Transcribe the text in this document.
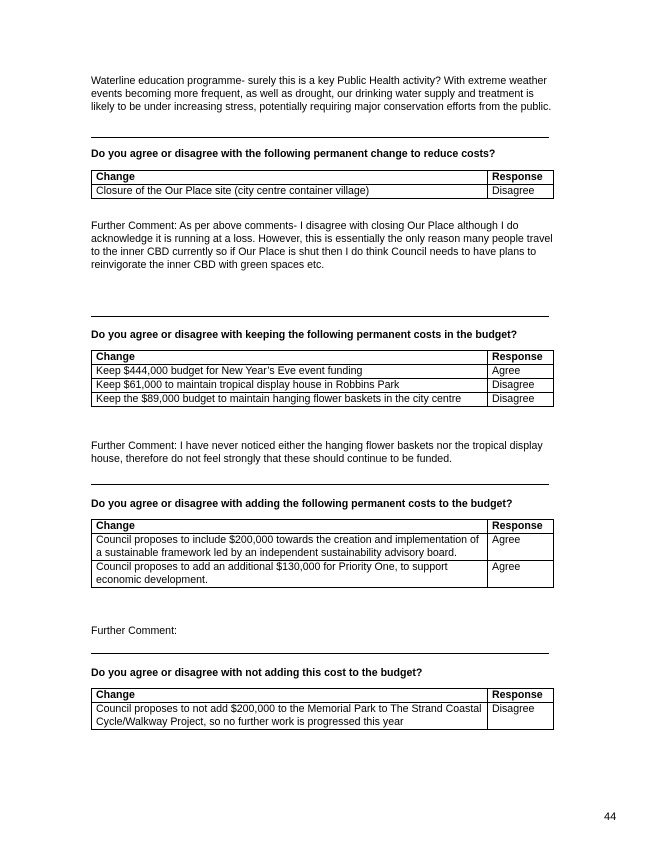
Waterline education programme- surely this is a key Public Health activity? With extreme weather events becoming more frequent, as well as drought, our drinking water supply and treatment is likely to be under increasing stress, potentially requiring major conservation efforts from the public.

Do you agree or disagree with the following permanent change to reduce costs?
Change	Response
Closure of the Our Place site (city centre container village)	Disagree

Further Comment: As per above comments- I disagree with closing Our Place although I do acknowledge it is running at a loss. However, this is essentially the only reason many people travel to the inner CBD currently so if Our Place is shut then I do think Council needs to have plans to reinvigorate the inner CBD with green spaces etc.

Do you agree or disagree with keeping the following permanent costs in the budget?
Change	Response
Keep $444,000 budget for New Year’s Eve event funding	Agree
Keep $61,000 to maintain tropical display house in Robbins Park	Disagree
Keep the $89,000 budget to maintain hanging flower baskets in the city centre	Disagree

Further Comment: I have never noticed either the hanging flower baskets nor the tropical display house, therefore do not feel strongly that these should continue to be funded.

Do you agree or disagree with adding the following permanent costs to the budget?
Change	Response
Council proposes to include $200,000 towards the creation and implementation of a sustainable framework led by an independent sustainability advisory board.	Agree
Council proposes to add an additional $130,000 for Priority One, to support economic development.	Agree

Further Comment:

Do you agree or disagree with not adding this cost to the budget?
Change	Response
Council proposes to not add $200,000 to the Memorial Park to The Strand Coastal Cycle/Walkway Project, so no further work is progressed this year	Disagree
44
